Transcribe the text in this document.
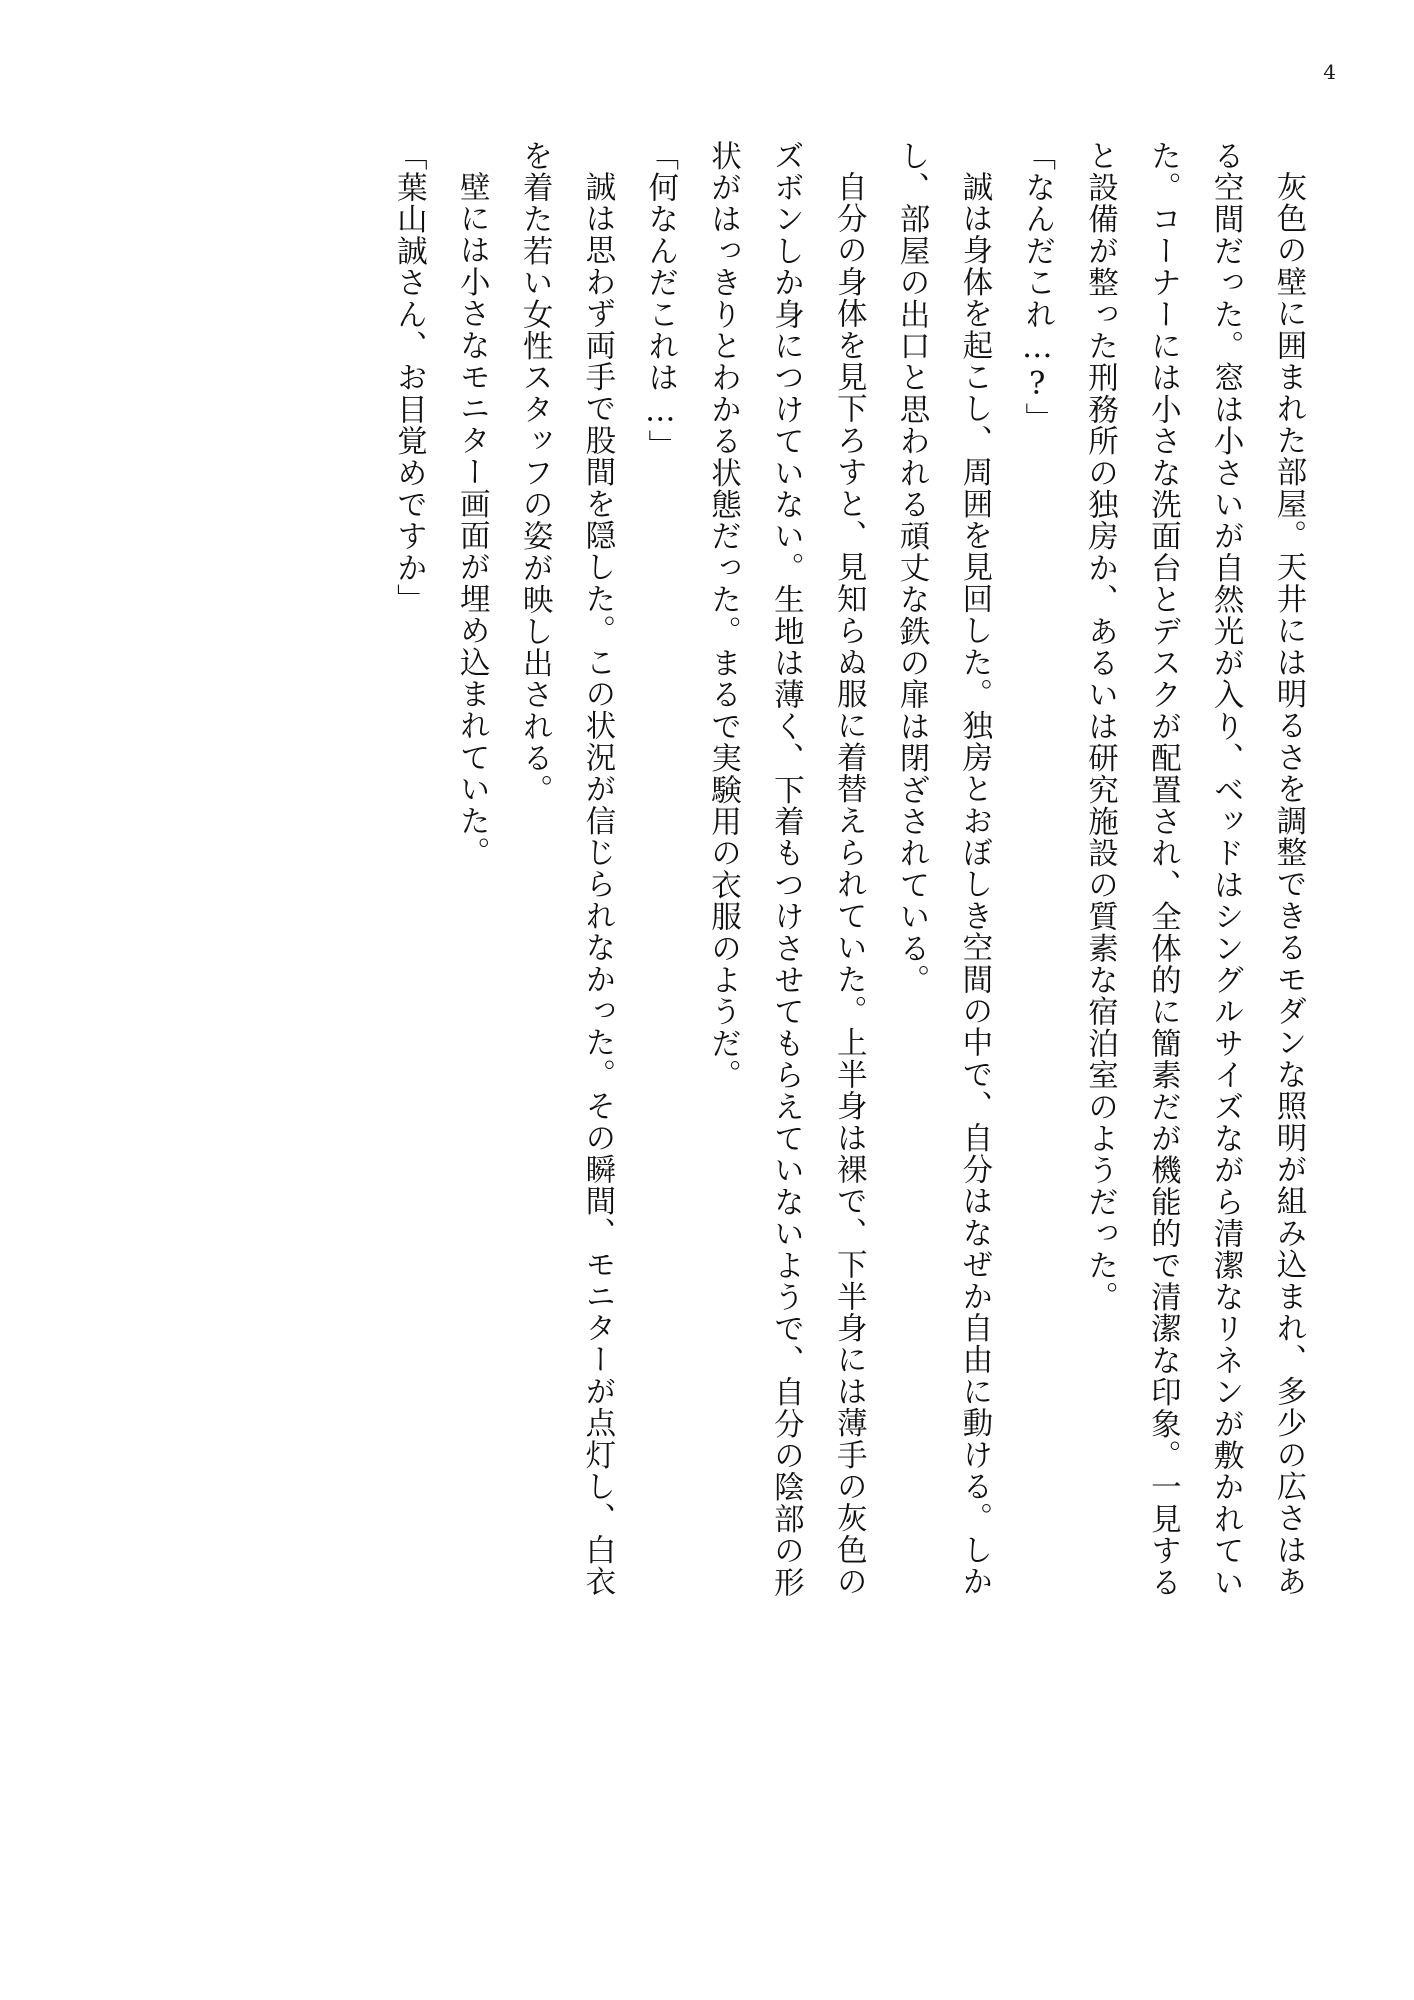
4

灰色の壁に囲まれた部屋。天井には明るさを調整できるモダンな照明が組み込まれ、多少の広さはある空間だった。窓は小さいが自然光が入り、ベッドはシングルサイズながら清潔なリネンが敷かれていた。コーナーには小さな洗面台とデスクが配置され、全体的に簡素だが機能的で清潔な印象。一見すると設備が整った刑務所の独房か、あるいは研究施設の質素な宿泊室のようだった。

「なんだこれ…?」

誠は身体を起こし、周囲を見回した。独房とおぼしき空間の中で、自分はなぜか自由に動ける。しかし、部屋の出口と思われる頑丈な鉄の扉は閉ざされている。

自分の身体を見下ろすと、見知らぬ服に着替えられていた。上半身は裸で、下半身には薄手の灰色のズボンしか身につけていない。生地は薄く、下着もつけさせてもらえていないようで、自分の陰部の形状がはっきりとわかる状態だった。まるで実験用の衣服のようだ。

「何なんだこれは…」

誠は思わず両手で股間を隠した。この状況が信じられなかった。その瞬間、モニターが点灯し、白衣を着た若い女性スタッフの姿が映し出される。

壁には小さなモニター画面が埋め込まれていた。

「葉山誠さん、お目覚めですか」
